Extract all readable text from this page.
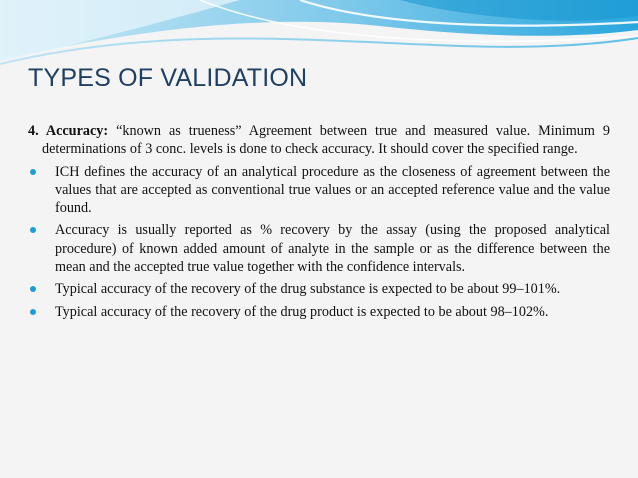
TYPES OF VALIDATION
4. Accuracy: “known as trueness” Agreement between true and measured value. Minimum 9 determinations of 3 conc. levels is done to check accuracy. It should cover the specified range.
ICH defines the accuracy of an analytical procedure as the closeness of agreement between the values that are accepted as conventional true values or an accepted reference value and the value found.
Accuracy is usually reported as % recovery by the assay (using the proposed analytical procedure) of known added amount of analyte in the sample or as the difference between the mean and the accepted true value together with the confidence intervals.
Typical accuracy of the recovery of the drug substance is expected to be about 99–101%.
Typical accuracy of the recovery of the drug product is expected to be about 98–102%.
